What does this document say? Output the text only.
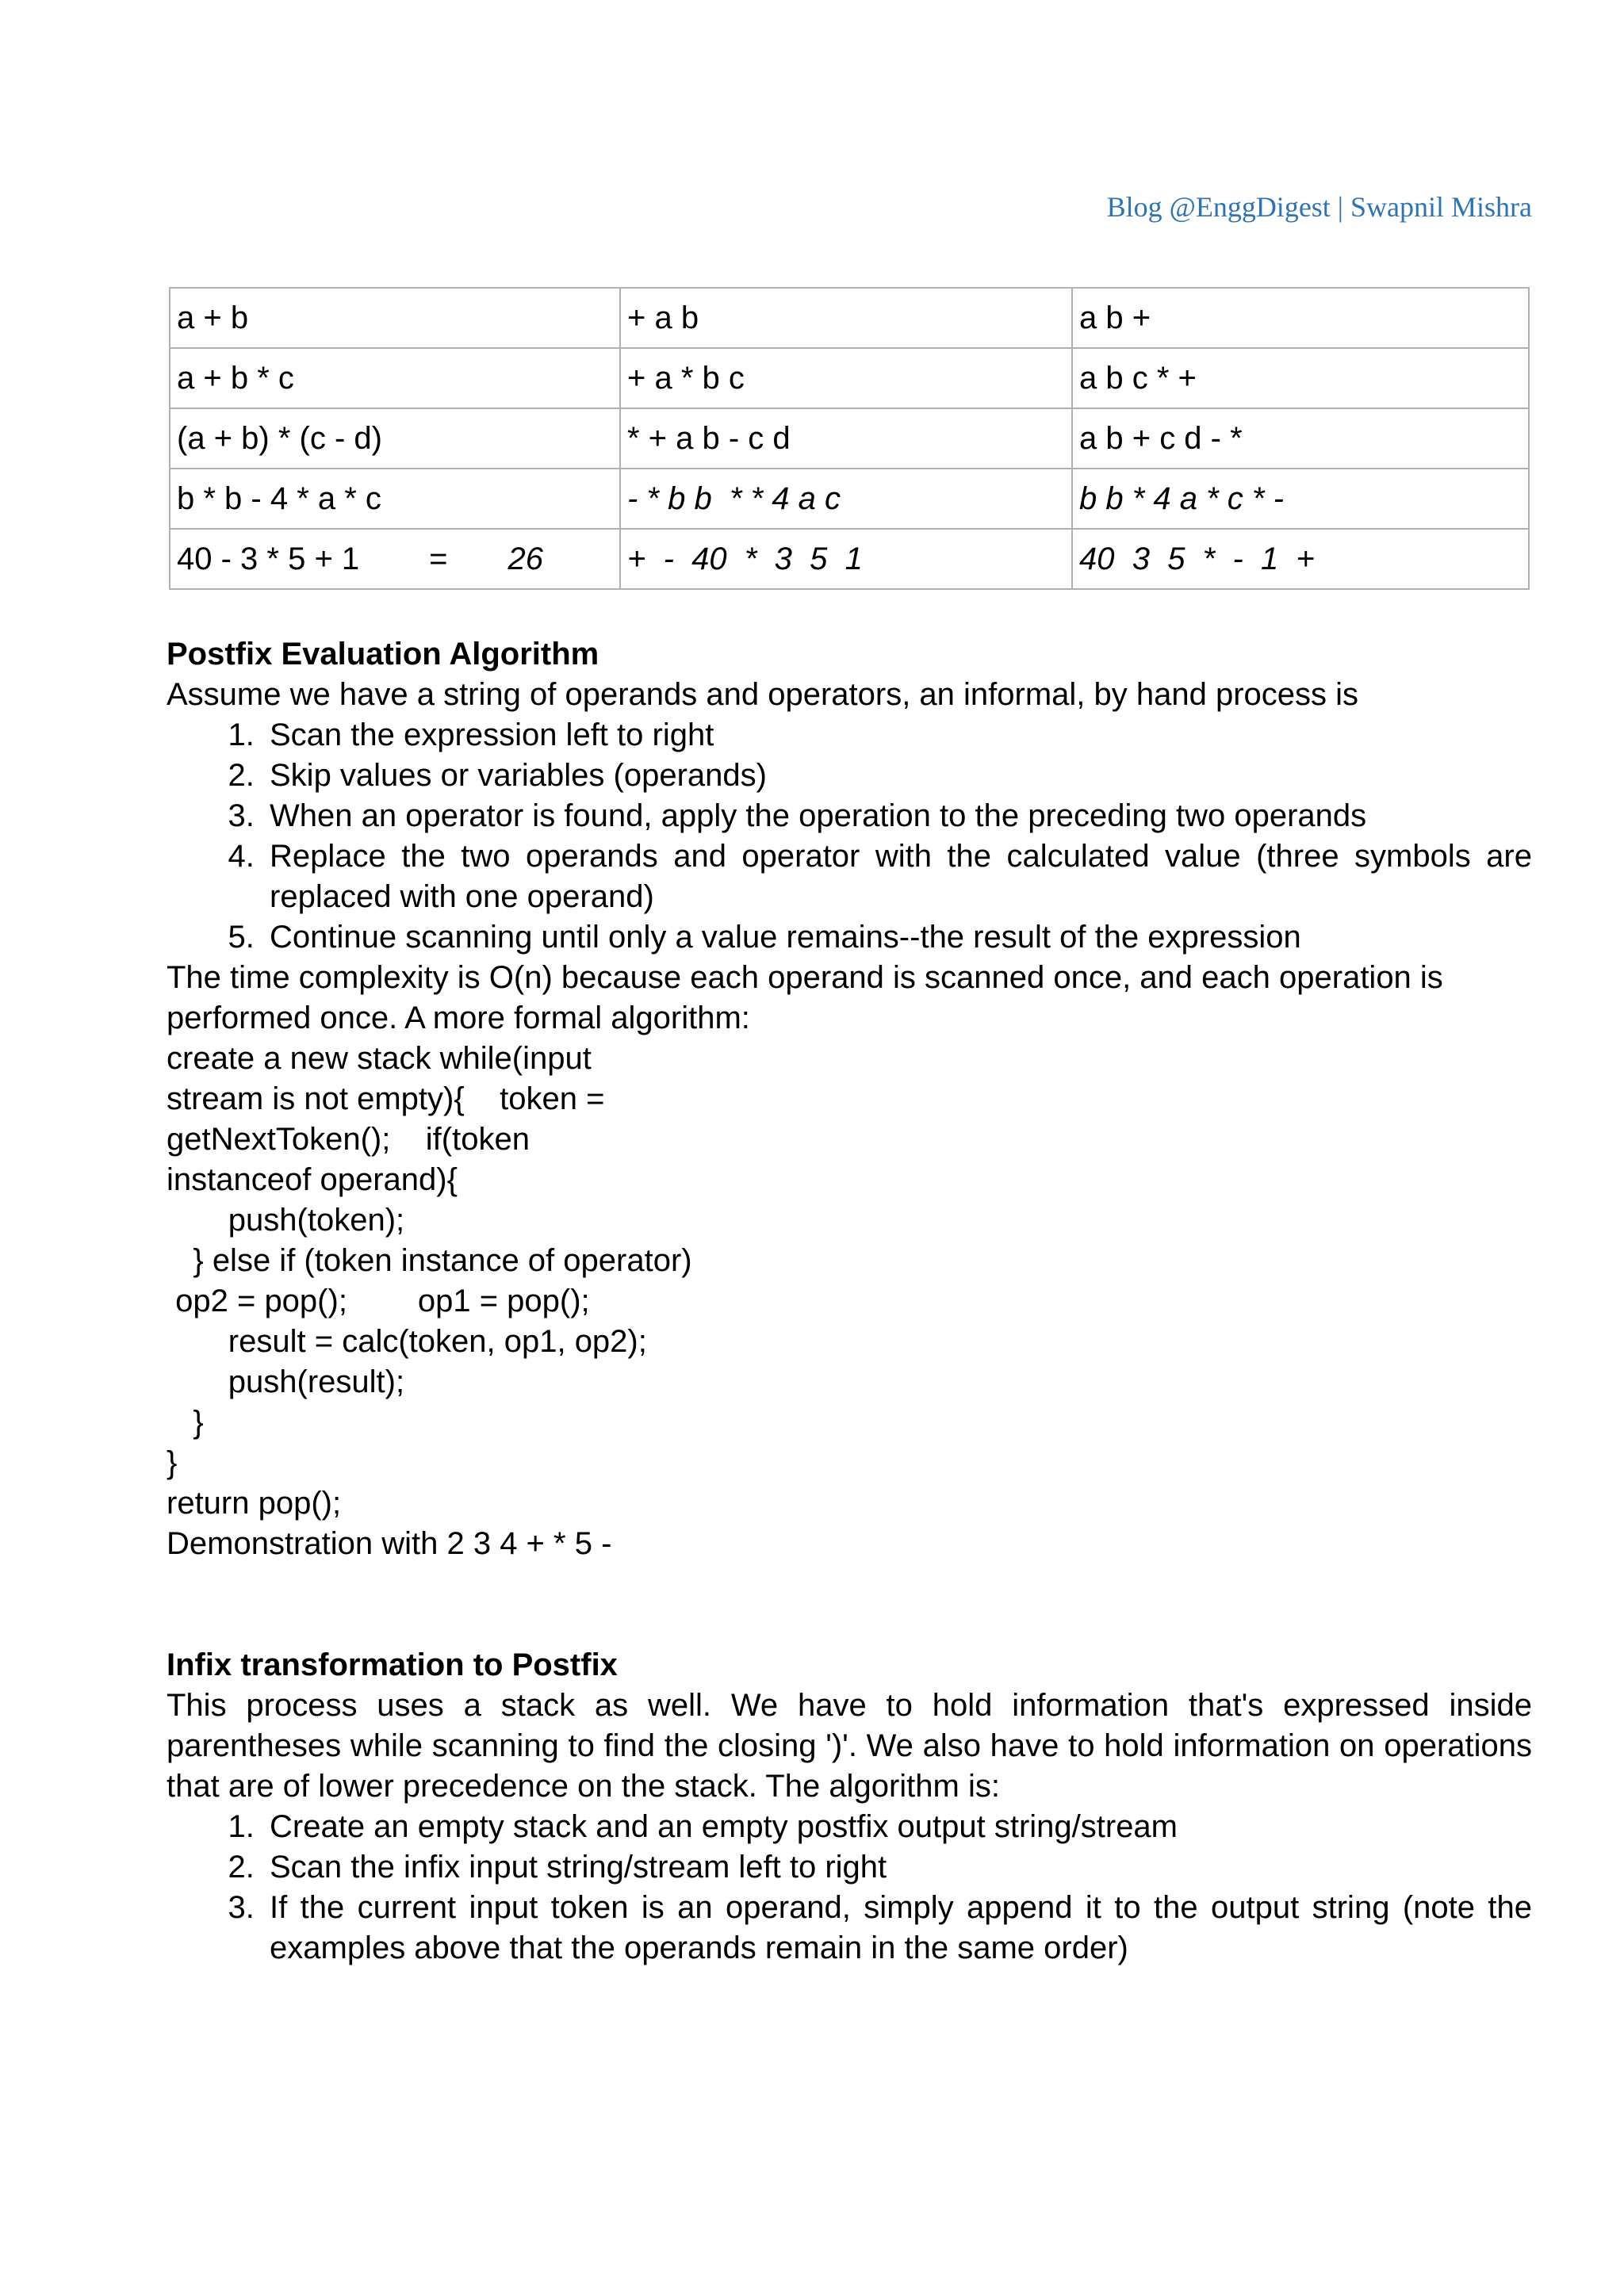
Blog @EnggDigest | Swapnil Mishra
a + b	+ a b	a b +
a + b * c	+ a * b c	a b c * +
(a + b) * (c - d)	* + a b - c d	a b + c d - *
b * b - 4 * a * c	- * b b  * * 4 a c	b b * 4 a * c * -
40 - 3 * 5 + 1 = 26	+  -  40  *  3  5  1	40  3  5  *  -  1  +

Postfix Evaluation Algorithm

Assume we have a string of operands and operators, an informal, by hand process is

1. Scan the expression left to right
2. Skip values or variables (operands)
3. When an operator is found, apply the operation to the preceding two operands
4. Replace the two operands and operator with the calculated value (three symbols are replaced with one operand)
5. Continue scanning until only a value remains--the result of the expression

The time complexity is O(n) because each operand is scanned once, and each operation is performed once. A more formal algorithm:

create a new stack while(input

stream is not empty){    token =

getNextToken();    if(token

instanceof operand){

push(token);

} else if (token instance of operator)

op2 = pop();        op1 = pop();

result = calc(token, op1, op2);

push(result);

}

}

return pop();

Demonstration with 2 3 4 + * 5 -

Infix transformation to Postfix

This process uses a stack as well. We have to hold information that's expressed inside parentheses while scanning to find the closing ')'. We also have to hold information on operations that are of lower precedence on the stack. The algorithm is:

1. Create an empty stack and an empty postfix output string/stream
2. Scan the infix input string/stream left to right
3. If the current input token is an operand, simply append it to the output string (note the examples above that the operands remain in the same order)
